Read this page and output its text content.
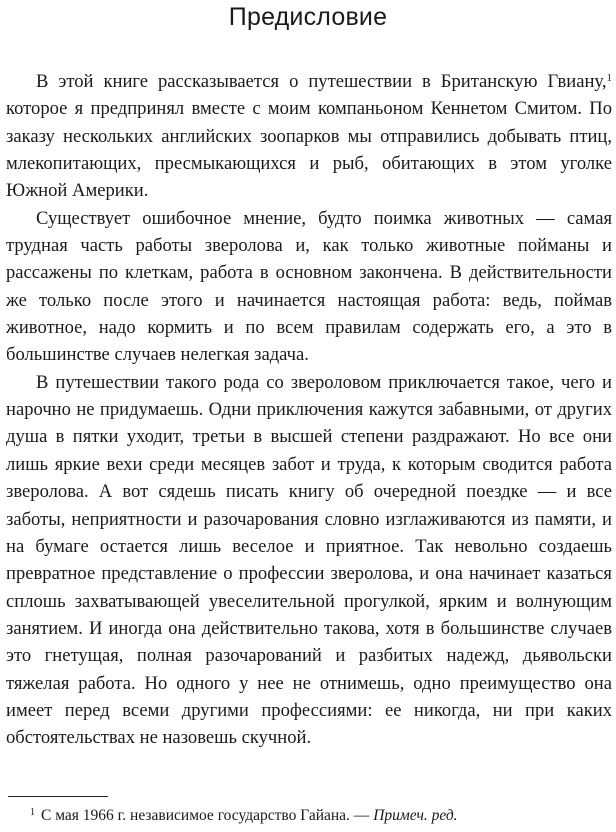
Предисловие

В этой книге рассказывается о путешествии в Британскую Гвиану,$^1$ которое я предпринял вместе с моим компаньоном Кеннетом Смитом. По заказу нескольких английских зоопарков мы отправились добывать птиц, млекопитающих, пресмыкающихся и рыб, обитающих в этом уголке Южной Америки.

Существует ошибочное мнение, будто поимка животных — самая трудная часть работы зверолова и, как только животные пойманы и рассажены по клеткам, работа в основном закончена. В действительности же только после этого и начинается настоящая работа: ведь, поймав животное, надо кормить и по всем правилам содержать его, а это в большинстве случаев нелегкая задача.

В путешествии такого рода со звероловом приключается такое, чего и нарочно не придумаешь. Одни приключения кажутся забавными, от других душа в пятки уходит, третьи в высшей степени раздражают. Но все они лишь яркие вехи среди месяцев забот и труда, к которым сводится работа зверолова. А вот сядешь писать книгу об очередной поездке — и все заботы, неприятности и разочарования словно изглаживаются из памяти, и на бумаге остается лишь веселое и приятное. Так невольно создаешь превратное представление о профессии зверолова, и она начинает казаться сплошь захватывающей увеселительной прогулкой, ярким и волнующим занятием. И иногда она действительно такова, хотя в большинстве случаев это гнетущая, полная разочарований и разбитых надежд, дьявольски тяжелая работа. Но одного у нее не отнимешь, одно преимущество она имеет перед всеми другими профессиями: ее никогда, ни при каких обстоятельствах не назовешь скучной.

$^1$ С мая 1966 г. независимое государство Гайана. — Примеч. ред.
